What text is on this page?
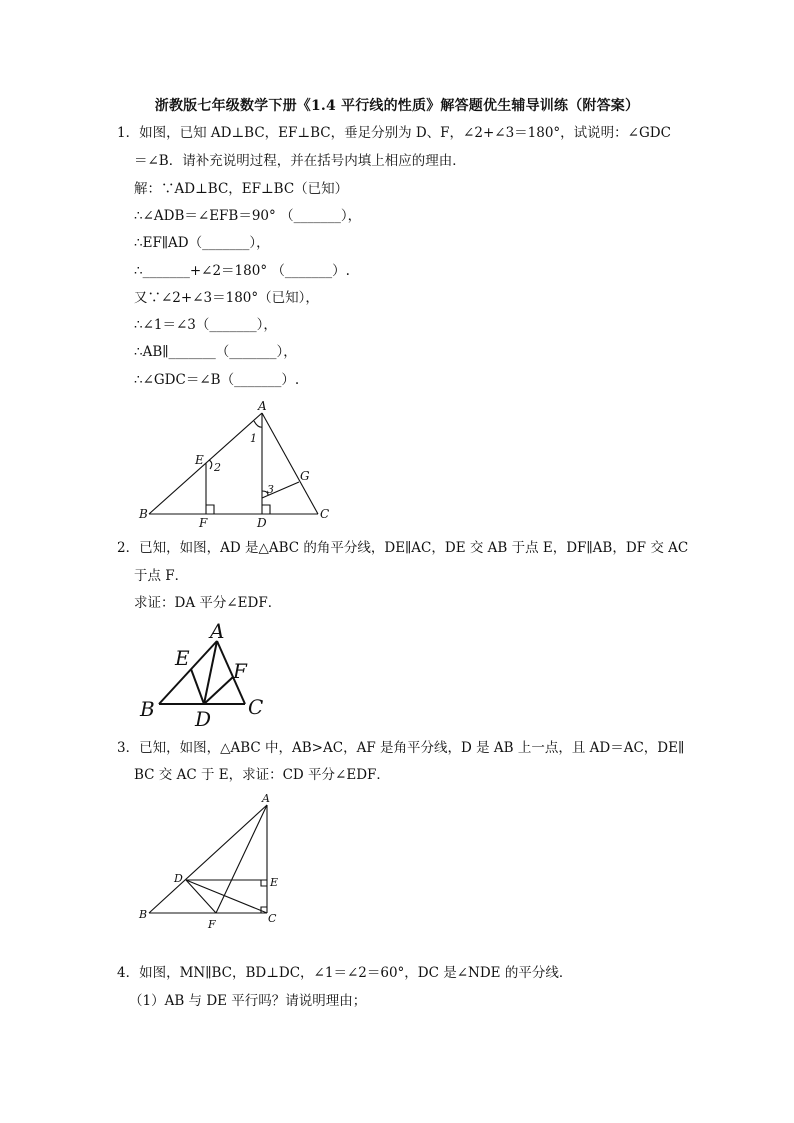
浙教版七年级数学下册《1.4 平行线的性质》解答题优生辅导训练（附答案）
1．如图，已知 AD⊥BC，EF⊥BC，垂足分别为 D、F，∠2+∠3＝180°，试说明：∠GDC
＝∠B．请补充说明过程，并在括号内填上相应的理由．
解：∵AD⊥BC，EF⊥BC（已知）
∴∠ADB＝∠EFB＝90° （_______），
∴EF∥AD（_______），
∴_______+∠2＝180° （_______）.
又∵∠2+∠3＝180°（已知），
∴∠1＝∠3（_______），
∴AB∥_______（_______），
∴∠GDC＝∠B（_______）.
A
1
E
2
G
3
B
F	D
C
2．已知，如图，AD 是△ABC 的角平分线，DE∥AC，DE 交 AB 于点 E，DF∥AB，DF 交 AC
于点 F．
求证：DA 平分∠EDF．
A
E
F
B D C
3．已知，如图，△ABC 中，AB>AC，AF 是角平分线，D 是 AB 上一点，且 AD＝AC，DE∥
BC 交 AC 于 E，求证：CD 平分∠EDF．
A
D	E
B	C
F
4．如图，MN∥BC，BD⊥DC，∠1＝∠2＝60°，DC 是∠NDE 的平分线．
（1）AB 与 DE 平行吗？请说明理由；
